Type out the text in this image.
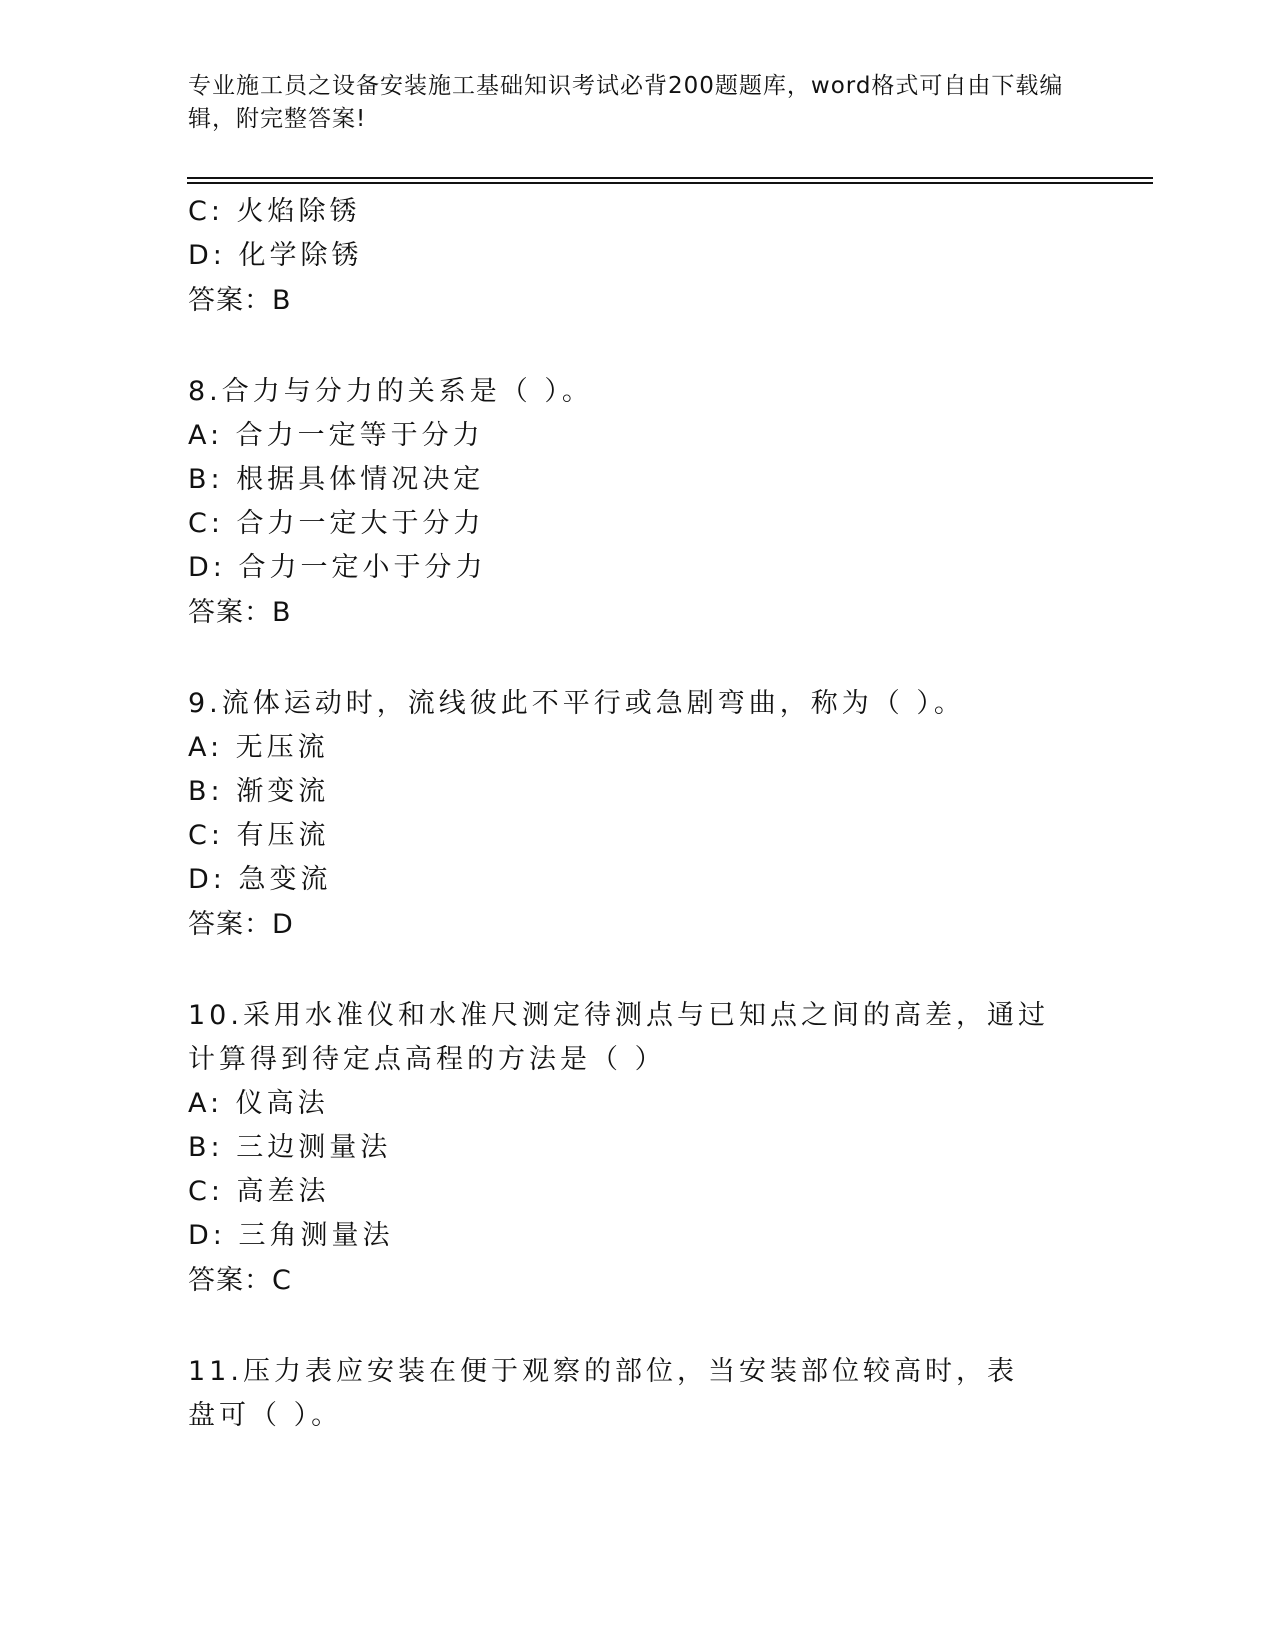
专业施工员之设备安装施工基础知识考试必背200题题库，word格式可自由下载编辑，附完整答案!
C: 火焰除锈
D: 化学除锈
答案：B
8.合力与分力的关系是（ ）。
A: 合力一定等于分力
B: 根据具体情况决定
C: 合力一定大于分力
D: 合力一定小于分力
答案：B
9.流体运动时，流线彼此不平行或急剧弯曲，称为（ ）。
A: 无压流
B: 渐变流
C: 有压流
D: 急变流
答案：D
10.采用水准仪和水准尺测定待测点与已知点之间的高差，通过计算得到待定点高程的方法是（ ）
A: 仪高法
B: 三边测量法
C: 高差法
D: 三角测量法
答案：C
11.压力表应安装在便于观察的部位，当安装部位较高时，表盘可（ ）。
